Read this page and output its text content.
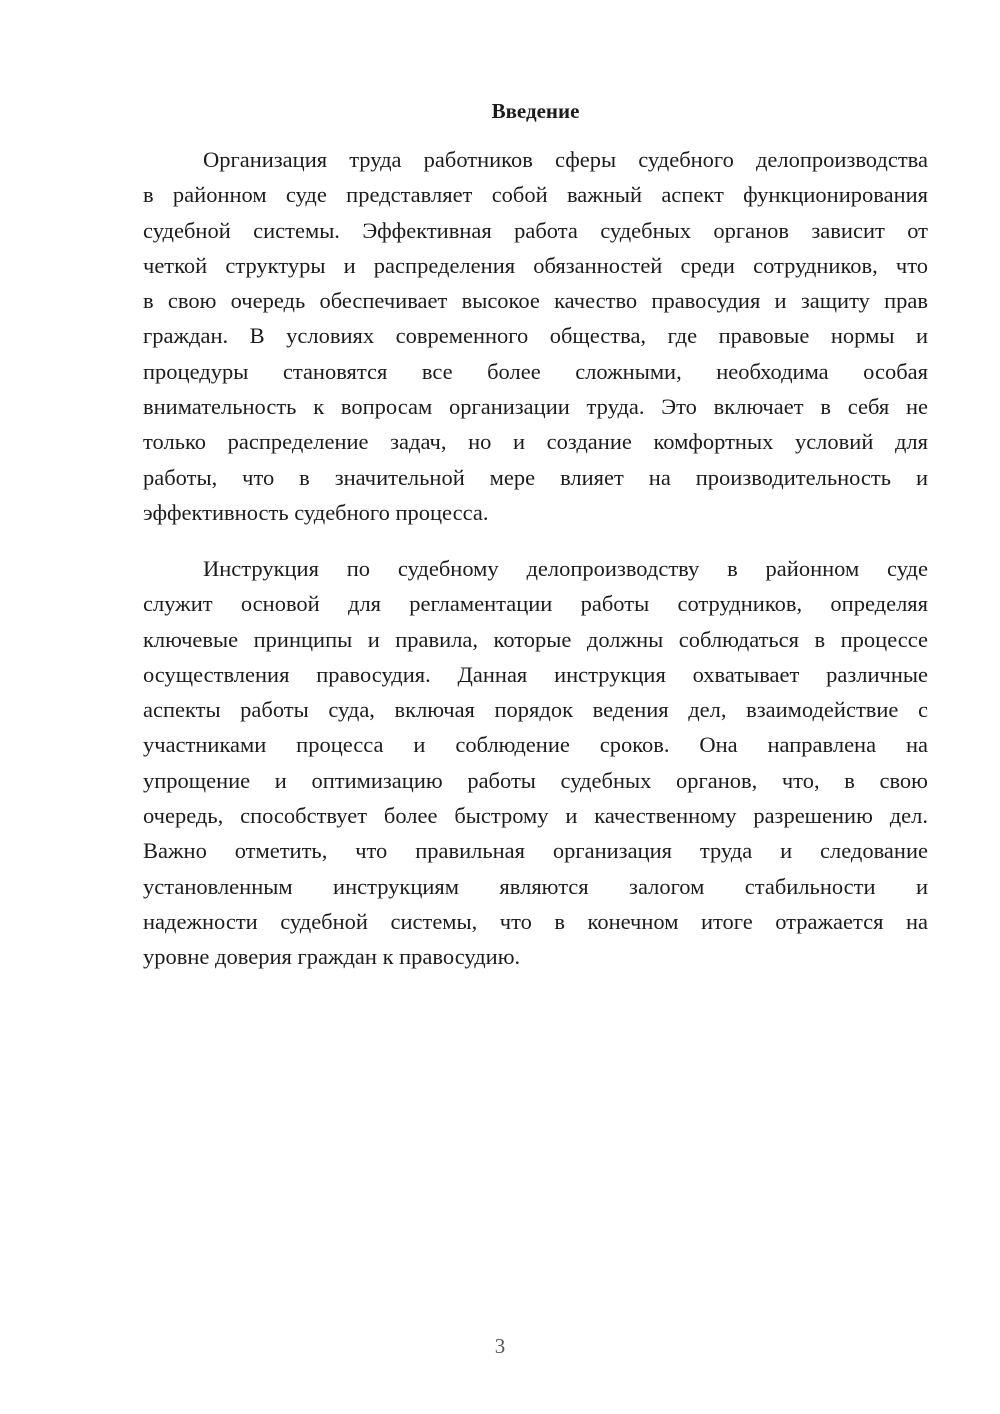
Введение

Организация труда работников сферы судебного делопроизводства
в районном суде представляет собой важный аспект функционирования
судебной системы. Эффективная работа судебных органов зависит от
четкой структуры и распределения обязанностей среди сотрудников, что
в свою очередь обеспечивает высокое качество правосудия и защиту прав
граждан. В условиях современного общества, где правовые нормы и
процедуры становятся все более сложными, необходима особая
внимательность к вопросам организации труда. Это включает в себя не
только распределение задач, но и создание комфортных условий для
работы, что в значительной мере влияет на производительность и
эффективность судебного процесса.

Инструкция по судебному делопроизводству в районном суде
служит основой для регламентации работы сотрудников, определяя
ключевые принципы и правила, которые должны соблюдаться в процессе
осуществления правосудия. Данная инструкция охватывает различные
аспекты работы суда, включая порядок ведения дел, взаимодействие с
участниками процесса и соблюдение сроков. Она направлена на
упрощение и оптимизацию работы судебных органов, что, в свою
очередь, способствует более быстрому и качественному разрешению дел.
Важно отметить, что правильная организация труда и следование
установленным инструкциям являются залогом стабильности и
надежности судебной системы, что в конечном итоге отражается на
уровне доверия граждан к правосудию.

3
